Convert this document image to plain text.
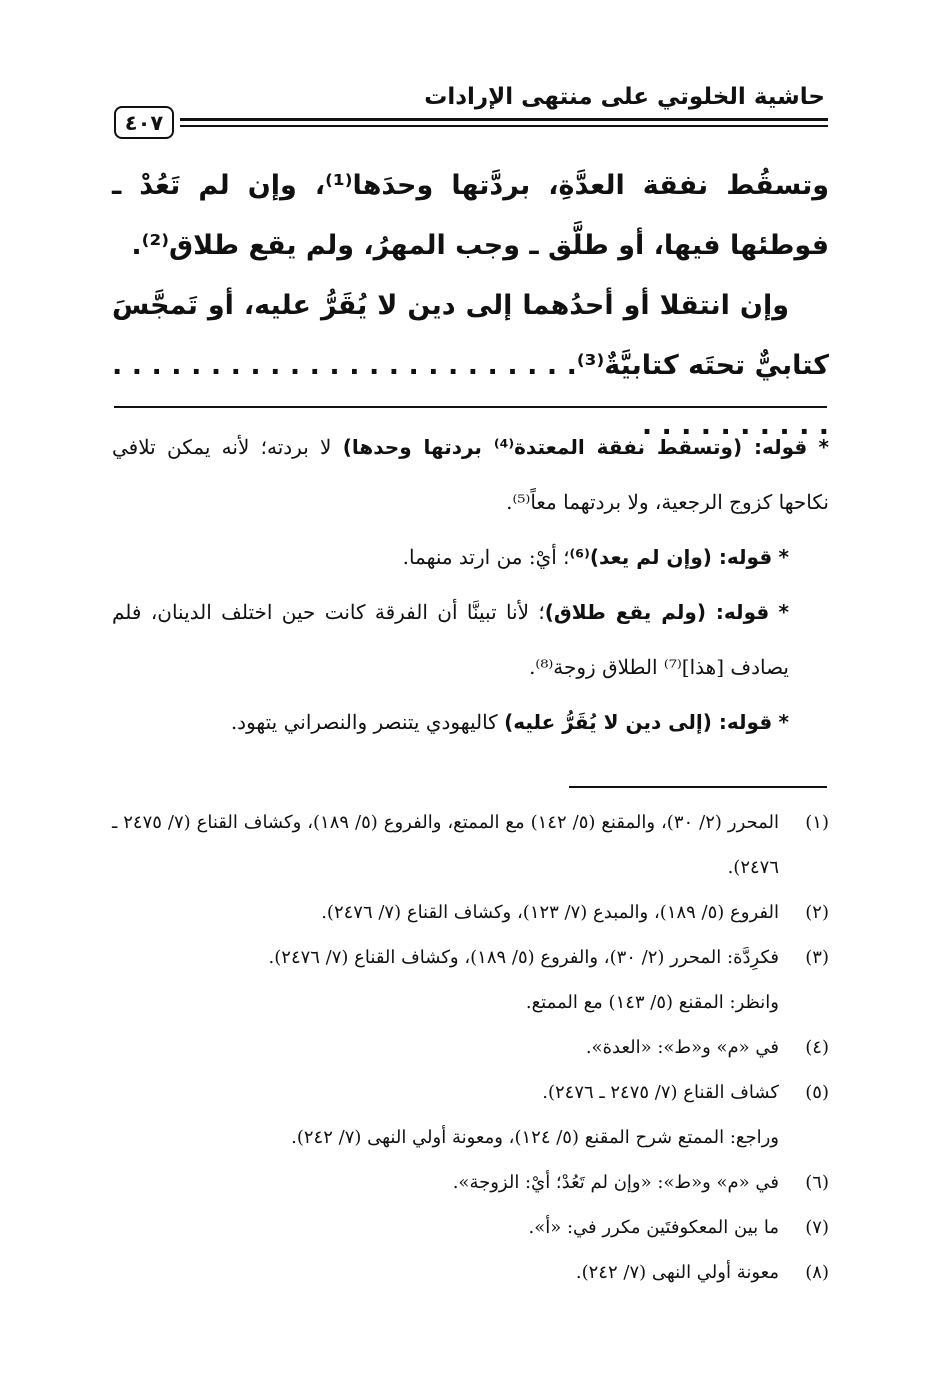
حاشية الخلوتي على منتهى الإرادات
٤٠٧

وتسقُط نفقة العدَّةِ، بردَّتها وحدَها⁽¹⁾، وإن لم تَعُدْ ـ فوطئها فيها، أو طلَّق ـ وجب المهرُ، ولم يقع طلاق⁽²⁾.

وإن انتقلا أو أحدُهما إلى دين لا يُقَرُّ عليه، أو تَمجَّسَ كتابيٌّ تحتَه كتابيَّةٌ⁽³⁾. . . . . . . . . . . . . . . . . . . . . . . . . . . . . . . . . .

* قوله: (وتسقط نفقة المعتدة⁽⁴⁾ بردتها وحدها) لا بردته؛ لأنه يمكن تلافي نكاحها كزوج الرجعية، ولا بردتهما معاً⁽⁵⁾.

* قوله: (وإن لم يعد)⁽⁶⁾؛ أيْ: من ارتد منهما.

* قوله: (ولم يقع طلاق)؛ لأنا تبينَّا أن الفرقة كانت حين اختلف الدينان، فلم يصادف [هذا]⁽⁷⁾ الطلاق زوجة⁽⁸⁾.

* قوله: (إلى دين لا يُقَرُّ عليه) كاليهودي يتنصر والنصراني يتهود.

(١)
المحرر (٢/ ٣٠)، والمقنع (٥/ ١٤٢) مع الممتع، والفروع (٥/ ١٨٩)، وكشاف القناع (٧/ ٢٤٧٥ ـ ٢٤٧٦).
(٢)
الفروع (٥/ ١٨٩)، والمبدع (٧/ ١٢٣)، وكشاف القناع (٧/ ٢٤٧٦).
(٣)
فكرِدَّة: المحرر (٢/ ٣٠)، والفروع (٥/ ١٨٩)، وكشاف القناع (٧/ ٢٤٧٦).
وانظر: المقنع (٥/ ١٤٣) مع الممتع.
(٤)
في «م» و«ط»: «العدة».
(٥)
كشاف القناع (٧/ ٢٤٧٥ ـ ٢٤٧٦).
وراجع: الممتع شرح المقنع (٥/ ١٢٤)، ومعونة أولي النهى (٧/ ٢٤٢).
(٦)
في «م» و«ط»: «وإن لم تَعُدْ؛ أيْ: الزوجة».
(٧)
ما بين المعكوفتَين مكرر في: «أ».
(٨)
معونة أولي النهى (٧/ ٢٤٢).
